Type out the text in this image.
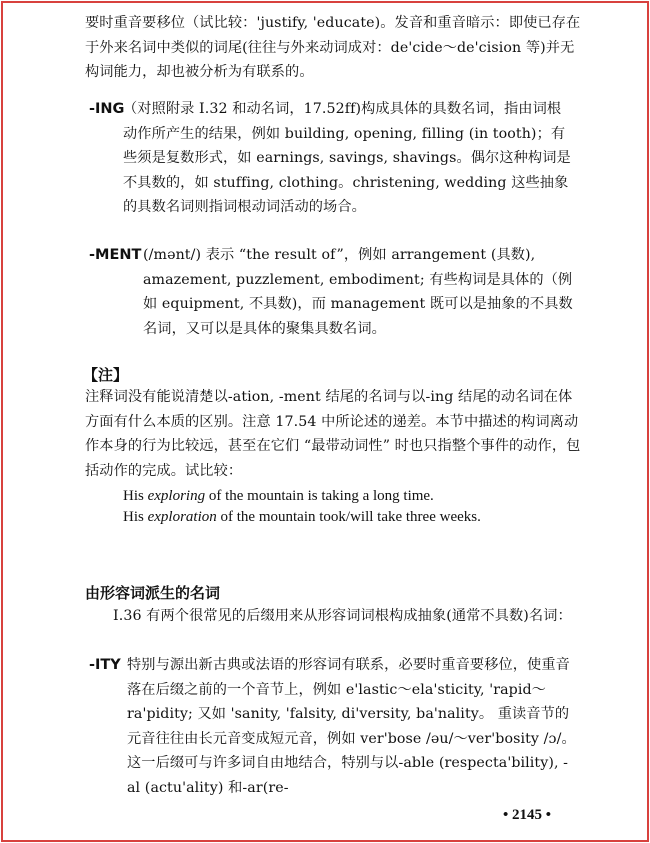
要时重音要移位（试比较：'justify, 'educate)。发音和重音暗示：即使已存在于外来名词中类似的词尾(往往与外来动词成对：de'cide～de'cision 等)并无构词能力，却也被分析为有联系的。

-ING

（对照附录 Ⅰ.32 和动名词，17.52ff)构成具体的具数名词，指由词根动作所产生的结果，例如 building, opening, filling (in tooth)；有些须是复数形式，如 earnings, savings, shavings。偶尔这种构词是不具数的，如 stuffing, clothing。christening, wedding 这些抽象的具数名词则指词根动词活动的场合。

-MENT (/mənt/) 表示 “the result of”，例如 arrangement (具数), amazement, puzzlement, embodiment; 有些构词是具体的（例如 equipment, 不具数)，而 management 既可以是抽象的不具数名词，又可以是具体的聚集具数名词。

【注】

注释词没有能说清楚以-ation, -ment 结尾的名词与以-ing 结尾的动名词在体方面有什么本质的区别。注意 17.54 中所论述的递差。本节中描述的构词离动作本身的行为比较远，甚至在它们 “最带动词性” 时也只指整个事件的动作，包括动作的完成。试比较：

His exploring of the mountain is taking a long time.
His exploration of the mountain took/will take three weeks.
由形容词派生的名词

Ⅰ.36 有两个很常见的后缀用来从形容词词根构成抽象(通常不具数)名词：

-ITY 特别与源出新古典或法语的形容词有联系，必要时重音要移位，使重音落在后缀之前的一个音节上，例如 e'lastic～ela'sticity, 'rapid～ra'pidity; 又如 'sanity, 'falsity, di'versity, ba'nality。 重读音节的元音往往由长元音变成短元音，例如 ver'bose /əu/～ver'bosity /ɔ/。这一后缀可与许多词自由地结合，特别与以-able (respecta'bility), -al (actu'ality) 和-ar(re-

• 2145 •
